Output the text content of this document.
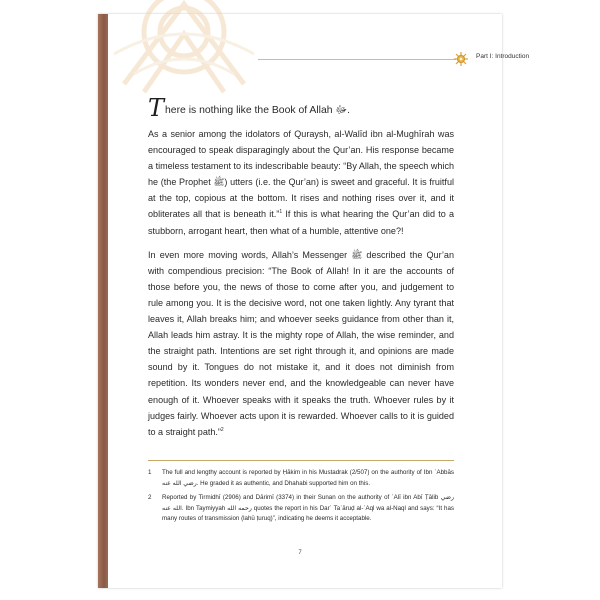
Part I: Introduction

There is nothing like the Book of Allah ﷻ.

As a senior among the idolators of Quraysh, al-Walīd ibn al-Mughīrah was encouraged to speak disparagingly about the Qur’an. His response became a timeless testament to its indescribable beauty: “By Allah, the speech which he (the Prophet ﷺ) utters (i.e. the Qur’an) is sweet and graceful. It is fruitful at the top, copious at the bottom. It rises and nothing rises over it, and it obliterates all that is beneath it.”$^1$ If this is what hearing the Qur’an did to a stubborn, arrogant heart, then what of a humble, attentive one?!

In even more moving words, Allah’s Messenger ﷺ described the Qur’an with compendious precision: “The Book of Allah! In it are the accounts of those before you, the news of those to come after you, and judgement to rule among you. It is the decisive word, not one taken lightly. Any tyrant that leaves it, Allah breaks him; and whoever seeks guidance from other than it, Allah leads him astray. It is the mighty rope of Allah, the wise reminder, and the straight path. Intentions are set right through it, and opinions are made sound by it. Tongues do not mistake it, and it does not diminish from repetition. Its wonders never end, and the knowledgeable can never have enough of it. Whoever speaks with it speaks the truth. Whoever rules by it judges fairly. Whoever acts upon it is rewarded. Whoever calls to it is guided to a straight path.”$^2$

1	The full and lengthy account is reported by Ḥākim in his Mustadrak (2/507) on the authority of Ibn ʿAbbās رضي الله عنه. He graded it as authentic, and Dhahabi supported him on this.
2	Reported by Tirmidhī (2906) and Dārimī (3374) in their Sunan on the authority of ʿAlī ibn Abī Ṭālib رضي الله عنه. Ibn Taymiyyah رحمه الله quotes the report in his Darʾ Taʿāruḍ al-ʿAql wa al-Naql and says: “It has many routes of transmission (lahū ṭuruq)”, indicating he deems it acceptable.
7
